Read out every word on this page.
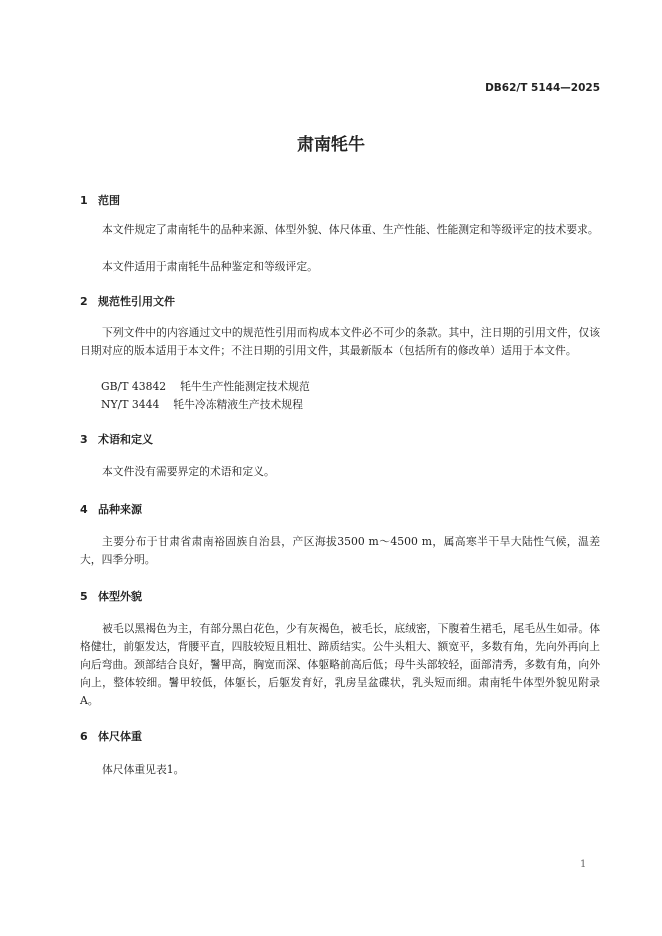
DB62/T 5144—2025
肃南牦牛
1 范围
本文件规定了肃南牦牛的品种来源、体型外貌、体尺体重、生产性能、性能测定和等级评定的技术要求。
本文件适用于肃南牦牛品种鉴定和等级评定。
2 规范性引用文件
下列文件中的内容通过文中的规范性引用而构成本文件必不可少的条款。其中，注日期的引用文件，仅该日期对应的版本适用于本文件；不注日期的引用文件，其最新版本（包括所有的修改单）适用于本文件。
GB/T 43842 牦牛生产性能测定技术规范
NY/T 3444 牦牛冷冻精液生产技术规程
3 术语和定义
本文件没有需要界定的术语和定义。
4 品种来源
主要分布于甘肃省肃南裕固族自治县，产区海拔3500 m～4500 m，属高寒半干旱大陆性气候，温差大，四季分明。
5 体型外貌
被毛以黑褐色为主，有部分黑白花色，少有灰褐色，被毛长，底绒密，下腹着生裙毛，尾毛丛生如帚。体格健壮，前躯发达，背腰平直，四肢较短且粗壮、蹄质结实。公牛头粗大、额宽平，多数有角，先向外再向上向后弯曲。颈部结合良好，鬐甲高，胸宽而深、体躯略前高后低；母牛头部较轻，面部清秀，多数有角，向外向上，整体较细。鬐甲较低，体躯长，后躯发育好，乳房呈盆碟状，乳头短而细。肃南牦牛体型外貌见附录A。
6 体尺体重
体尺体重见表1。
1
